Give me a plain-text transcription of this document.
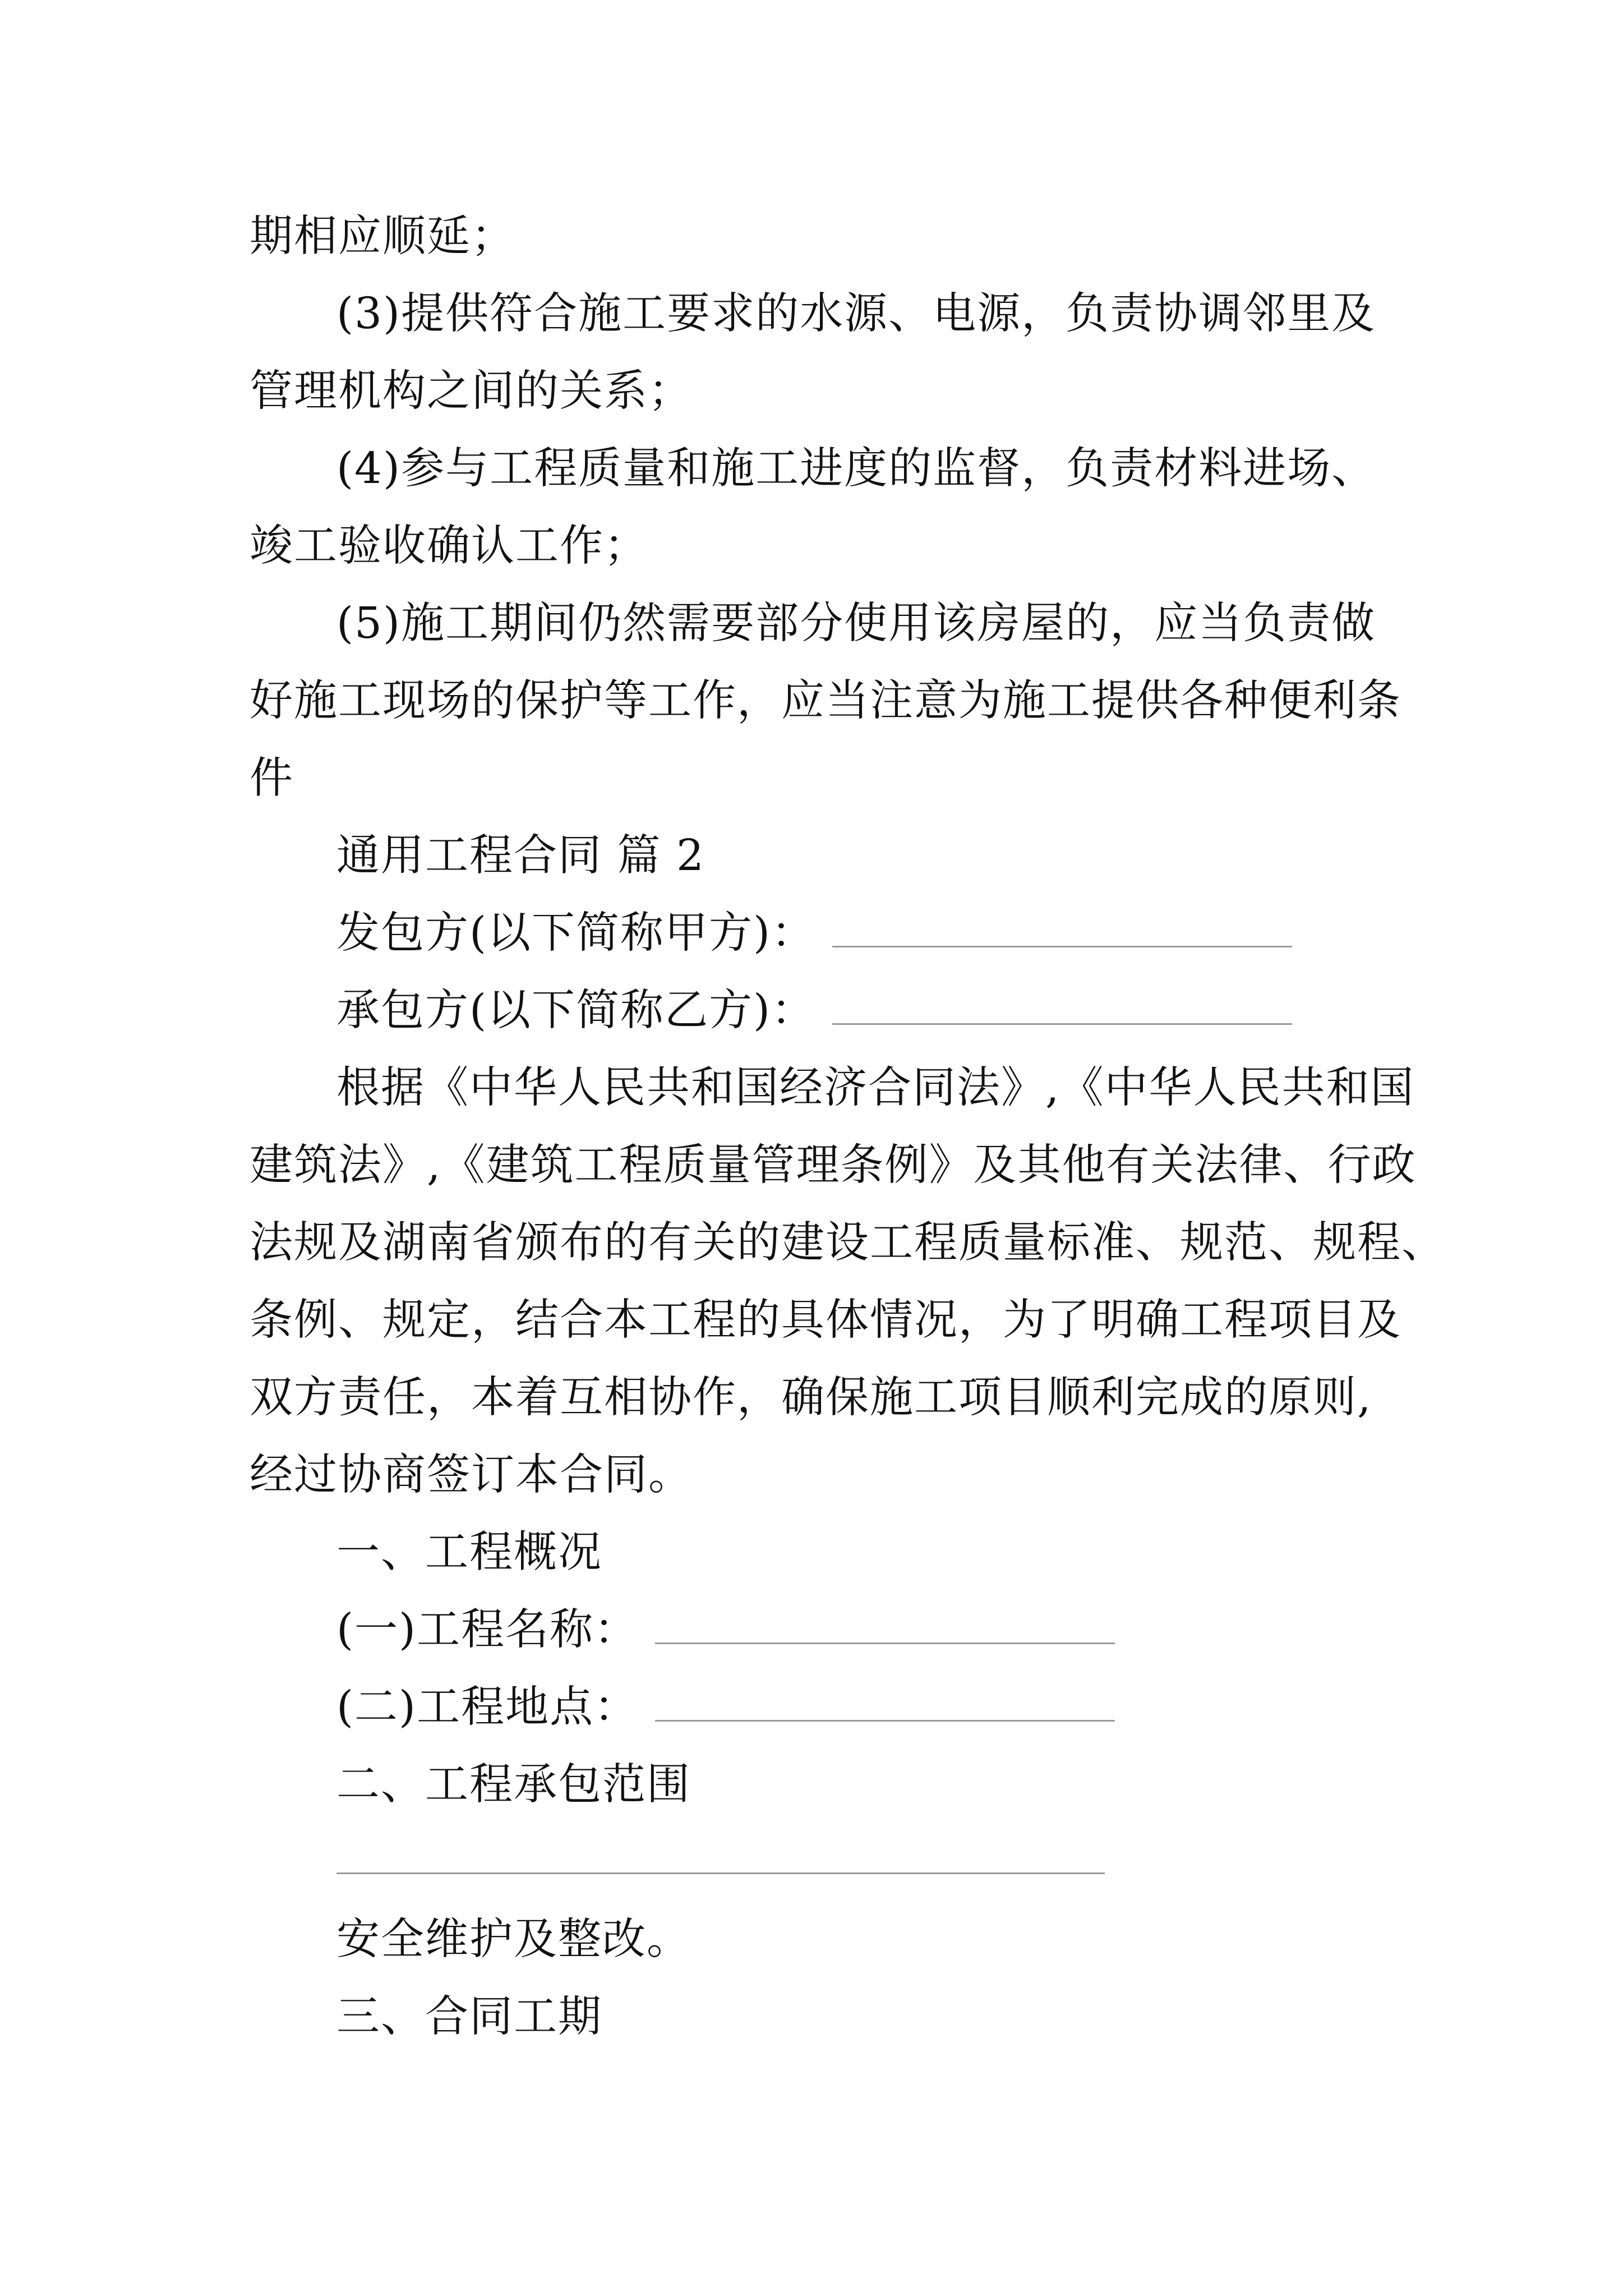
期相应顺延；
(3)提供符合施工要求的水源、电源，负责协调邻里及
管理机构之间的关系；
(4)参与工程质量和施工进度的监督，负责材料进场、
竣工验收确认工作；
(5)施工期间仍然需要部分使用该房屋的，应当负责做
好施工现场的保护等工作，应当注意为施工提供各种便利条
件
通用工程合同 篇 2
发包方(以下简称甲方)：
承包方(以下简称乙方)：
根据《中华人民共和国经济合同法》,《中华人民共和国
建筑法》,《建筑工程质量管理条例》及其他有关法律、行政
法规及湖南省颁布的有关的建设工程质量标准、规范、规程、
条例、规定，结合本工程的具体情况，为了明确工程项目及
双方责任，本着互相协作，确保施工项目顺利完成的原则,
经过协商签订本合同。
一、工程概况
(一)工程名称：
(二)工程地点：
二、工程承包范围
安全维护及整改。
三、合同工期
